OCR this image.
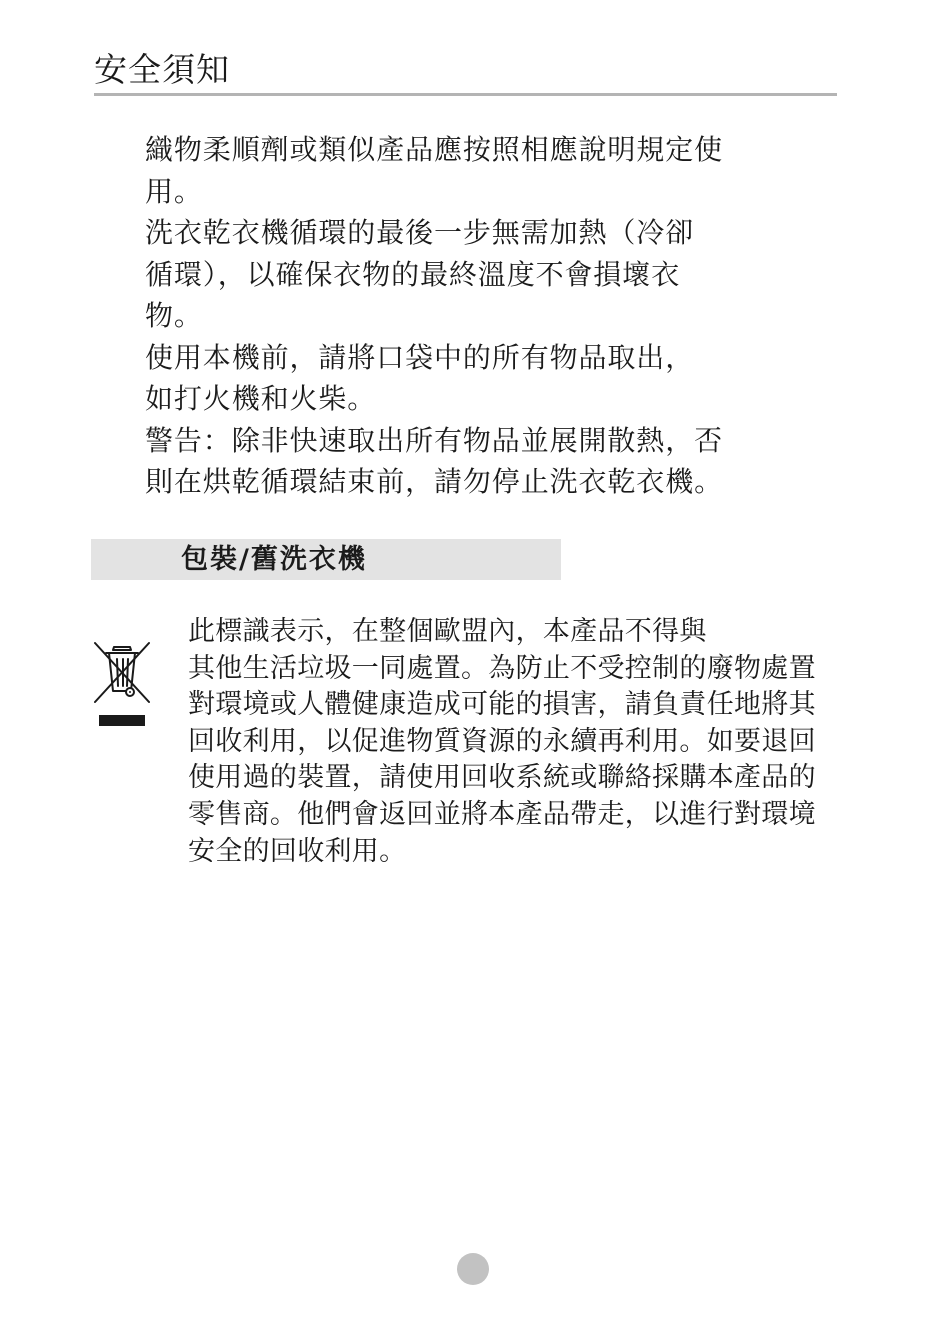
安全須知

織物柔順劑或類似產品應按照相應說明規定使

用。

洗衣乾衣機循環的最後一步無需加熱（冷卻

循環），以確保衣物的最終溫度不會損壞衣

物。

使用本機前，請將口袋中的所有物品取出，

如打火機和火柴。

警告：除非快速取出所有物品並展開散熱，否

則在烘乾循環結束前，請勿停止洗衣乾衣機。

包裝/舊洗衣機
此標識表示，在整個歐盟內，本產品不得與
其他生活垃圾一同處置。為防止不受控制的廢物處置
對環境或人體健康造成可能的損害，請負責任地將其
回收利用，以促進物質資源的永續再利用。如要退回
使用過的裝置，請使用回收系統或聯絡採購本產品的
零售商。他們會返回並將本產品帶走，以進行對環境
安全的回收利用。
